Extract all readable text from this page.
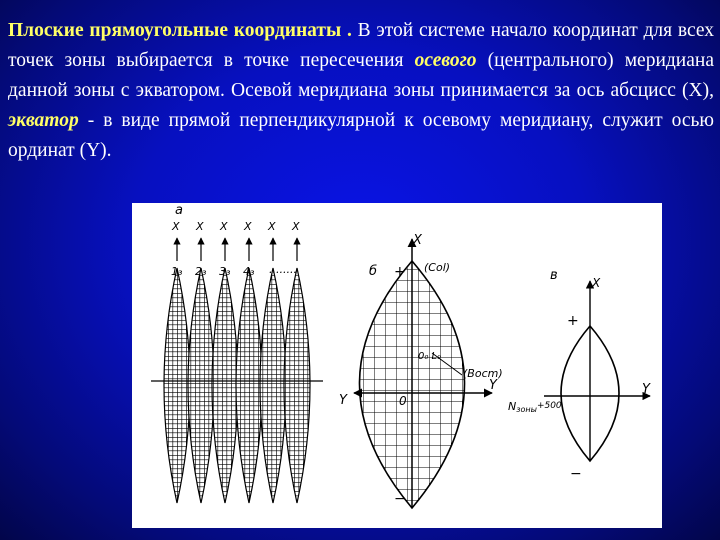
Плоские прямоугольные координаты . В этой системе начало координат для всех точек зоны выбирается в точке пересечения осевого (центрального) меридиана данной зоны с экватором. Осевой меридиана зоны принимается за ось абсцисс (X), экватор - в виде прямой перпендикулярной к осевому меридиану, служит осью ординат (Y).
а
X
1₃
X
2₃
X
3₃
X
4₃
X X
........
X
б + (Col)
Y
Y
(Восm)
0
0₀ L₀
−
в	X
+
Y
Nзоны$^{+500}$
−
